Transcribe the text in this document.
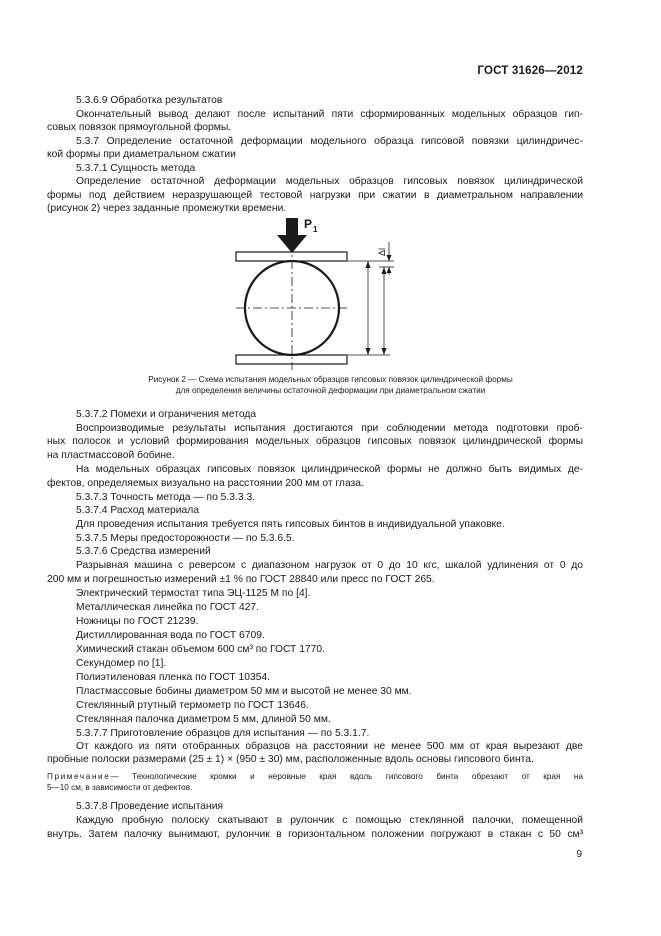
ГОСТ 31626—2012
5.3.6.9 Обработка результатов
Окончательный вывод делают после испытаний пяти сформированных модельных образцов гип-
совых повязок прямоугольной формы.
5.3.7 Определение остаточной деформации модельного образца гипсовой повязки цилиндричес-
кой формы при диаметральном сжатии
5.3.7.1 Сущность метода
Определение остаточной деформации модельных образцов гипсовых повязок цилиндрической
формы под действием неразрушающей тестовой нагрузки при сжатии в диаметральном направлении
(рисунок 2) через заданные промежутки времени.
P 1
Δl
Рисунок 2 — Схема испытания модельных образцов гипсовых повязок цилиндрической формы
для определения величины остаточной деформации при диаметральном сжатии
5.3.7.2 Помехи и ограничения метода
Воспроизводимые результаты испытания достигаются при соблюдении метода подготовки проб-
ных полосок и условий формирования модельных образцов гипсовых повязок цилиндрической формы
на пластмассовой бобине.
На модельных образцах гипсовых повязок цилиндрической формы не должно быть видимых де-
фектов, определяемых визуально на расстоянии 200 мм от глаза.
5.3.7.3 Точность метода — по 5.3.3.3.
5.3.7.4 Расход материала
Для проведения испытания требуется пять гипсовых бинтов в индивидуальной упаковке.
5.3.7.5 Меры предосторожности — по 5.3.6.5.
5.3.7.6 Средства измерений
Разрывная машина с реверсом с диапазоном нагрузок от 0 до 10 кгс, шкалой удлинения от 0 до
200 мм и погрешностью измерений ±1 % по ГОСТ 28840 или пресс по ГОСТ 265.
Электрический термостат типа ЭЦ-1125 М по [4].
Металлическая линейка по ГОСТ 427.
Ножницы по ГОСТ 21239.
Дистиллированная вода по ГОСТ 6709.
Химический стакан объемом 600 см³ по ГОСТ 1770.
Секундомер по [1].
Полиэтиленовая пленка по ГОСТ 10354.
Пластмассовые бобины диаметром 50 мм и высотой не менее 30 мм.
Стеклянный ртутный термометр по ГОСТ 13646.
Стеклянная палочка диаметром 5 мм, длиной 50 мм.
5.3.7.7 Приготовление образцов для испытания — по 5.3.1.7.
От каждого из пяти отобранных образцов на расстоянии не менее 500 мм от края вырезают две
пробные полоски размерами (25 ± 1) × (950 ± 30) мм, расположенные вдоль основы гипсового бинта.
Примечание— Технологические кромки и неровные края вдоль гипсового бинта обрезают от края на
5—10 см, в зависимости от дефектов.
5.3.7.8 Проведение испытания
Каждую пробную полоску скатывают в рулончик с помощью стеклянной палочки, помещенной
внутрь. Затем палочку вынимают, рулончик в горизонтальном положении погружают в стакан с 50 см³
9
